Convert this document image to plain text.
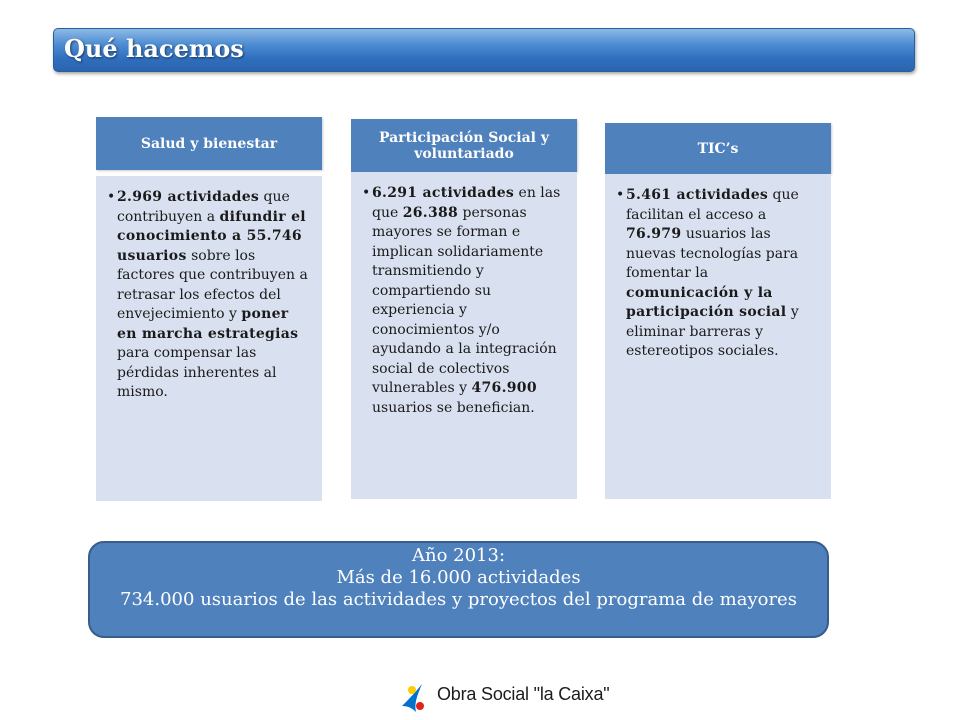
Qué hacemos
Salud y bienestar
• 2.969 actividades que contribuyen a difundir el conocimiento a 55.746 usuarios sobre los factores que contribuyen a retrasar los efectos del envejecimiento y poner en marcha estrategias para compensar las pérdidas inherentes al mismo.
Participación Social y voluntariado
• 6.291 actividades en las que 26.388 personas mayores se forman e implican solidariamente transmitiendo y compartiendo su experiencia y conocimientos y/o ayudando a la integración social de colectivos vulnerables y 476.900 usuarios se benefician.
TIC’s
• 5.461 actividades que facilitan el acceso a 76.979 usuarios las nuevas tecnologías para fomentar la comunicación y la participación social y eliminar barreras y estereotipos sociales.
Año 2013:
Más de 16.000 actividades
734.000 usuarios de las actividades y proyectos del programa de mayores
Obra Social "la Caixa"
